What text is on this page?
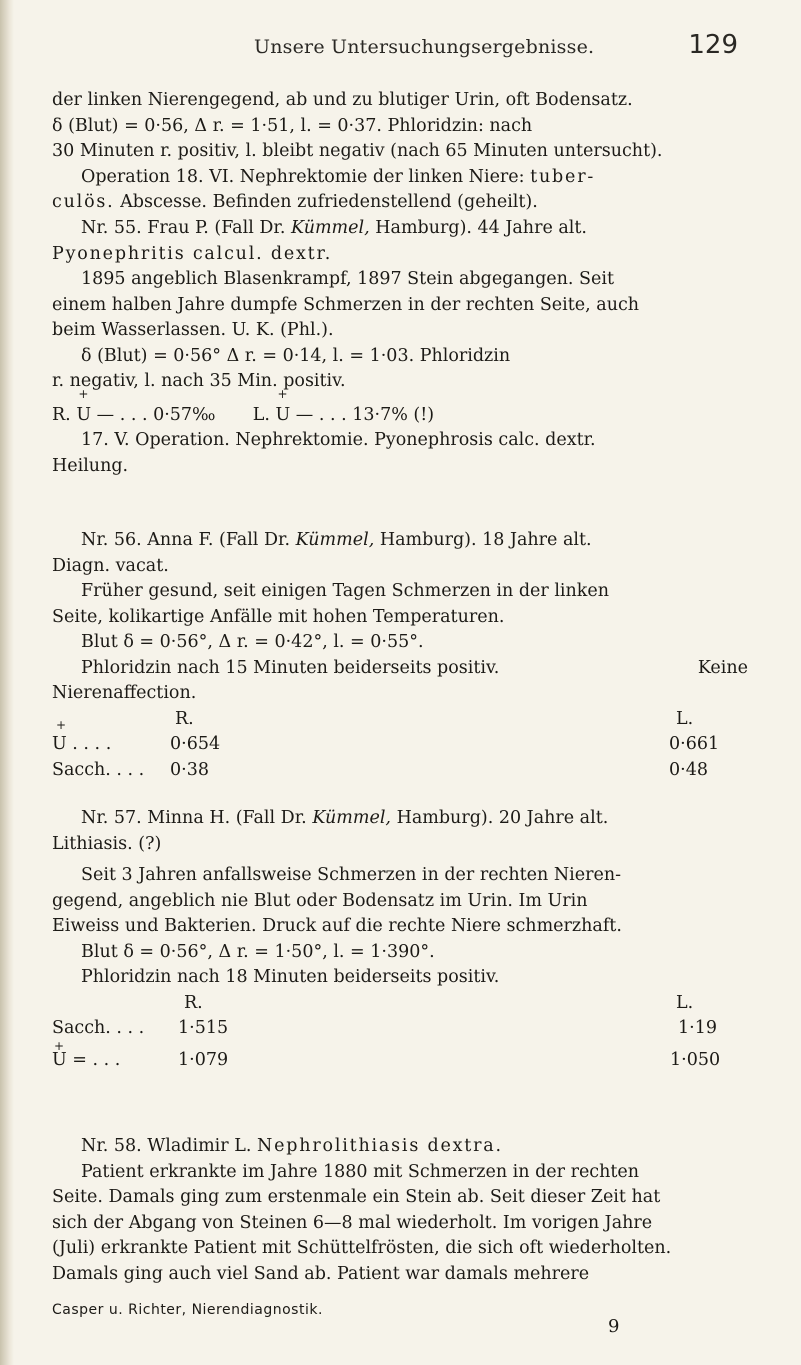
Unsere Untersuchungsergebnisse.	129
der linken Nierengegend, ab und zu blutiger Urin, oft Bodensatz.
δ (Blut) = 0·56, Δ r. = 1·51, l. = 0·37. Phloridzin: nach
30 Minuten r. positiv, l. bleibt negativ (nach 65 Minuten untersucht).
Operation 18. VI. Nephrektomie der linken Niere: tuber-
culös. Abscesse. Befinden zufriedenstellend (geheilt).
Nr. 55. Frau P. (Fall Dr. Kümmel, Hamburg). 44 Jahre alt.
Pyonephritis calcul. dextr.
1895 angeblich Blasenkrampf, 1897 Stein abgegangen. Seit
einem halben Jahre dumpfe Schmerzen in der rechten Seite, auch
beim Wasserlassen. U. K. (Phl.).
δ (Blut) = 0·56° Δ r. = 0·14, l. = 1·03. Phloridzin
r. negativ, l. nach 35 Min. positiv.
R. + U — . . . 0·57‰ L. + U — . . . 13·7% (!)
17. V. Operation. Nephrektomie. Pyonephrosis calc. dextr.
Heilung.
Nr. 56. Anna F. (Fall Dr. Kümmel, Hamburg). 18 Jahre alt.
Diagn. vacat.
Früher gesund, seit einigen Tagen Schmerzen in der linken
Seite, kolikartige Anfälle mit hohen Temperaturen.
Blut δ = 0·56°, Δ r. = 0·42°, l. = 0·55°.
Phloridzin nach 15 Minuten beiderseits positiv.	Keine
Nierenaffection.
+	R.	L.
U . . . .	0·654	0·661
Sacch. . . . 0·38	0·48
Nr. 57. Minna H. (Fall Dr. Kümmel, Hamburg). 20 Jahre alt.
Lithiasis. (?)
Seit 3 Jahren anfallsweise Schmerzen in der rechten Nieren-
gegend, angeblich nie Blut oder Bodensatz im Urin. Im Urin
Eiweiss und Bakterien. Druck auf die rechte Niere schmerzhaft.
Blut δ = 0·56°, Δ r. = 1·50°, l. = 1·390°.
Phloridzin nach 18 Minuten beiderseits positiv.
R.	L.
Sacch. . . . 1·515	1·19
+
U = . . .	1·079	1·050
Nr. 58. Wladimir L. Nephrolithiasis dextra.
Patient erkrankte im Jahre 1880 mit Schmerzen in der rechten
Seite. Damals ging zum erstenmale ein Stein ab. Seit dieser Zeit hat
sich der Abgang von Steinen 6—8 mal wiederholt. Im vorigen Jahre
(Juli) erkrankte Patient mit Schüttelfrösten, die sich oft wiederholten.
Damals ging auch viel Sand ab. Patient war damals mehrere
Casper u. Richter, Nierendiagnostik.
9
